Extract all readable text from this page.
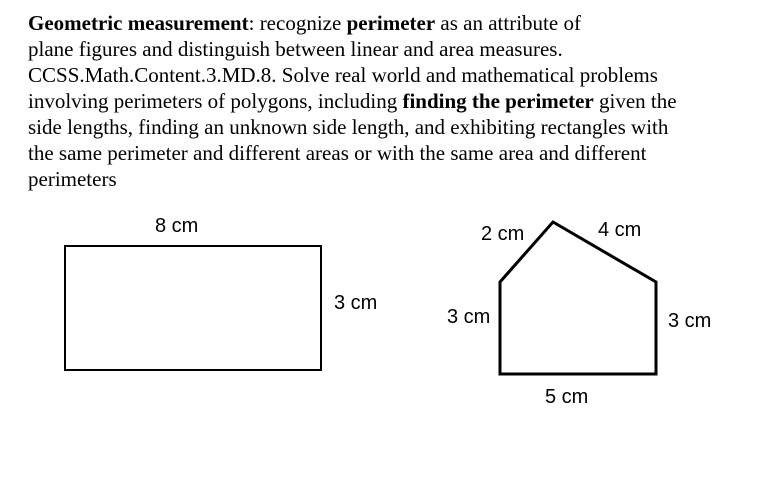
Geometric measurement: recognize perimeter as an attribute of
plane figures and distinguish between linear and area measures.
CCSS.Math.Content.3.MD.8. Solve real world and mathematical problems
involving perimeters of polygons, including finding the perimeter given the
side lengths, finding an unknown side length, and exhibiting rectangles with
the same perimeter and different areas or with the same area and different
perimeters
8 cm
3 cm
2 cm	4 cm
3 cm	3 cm
5 cm
